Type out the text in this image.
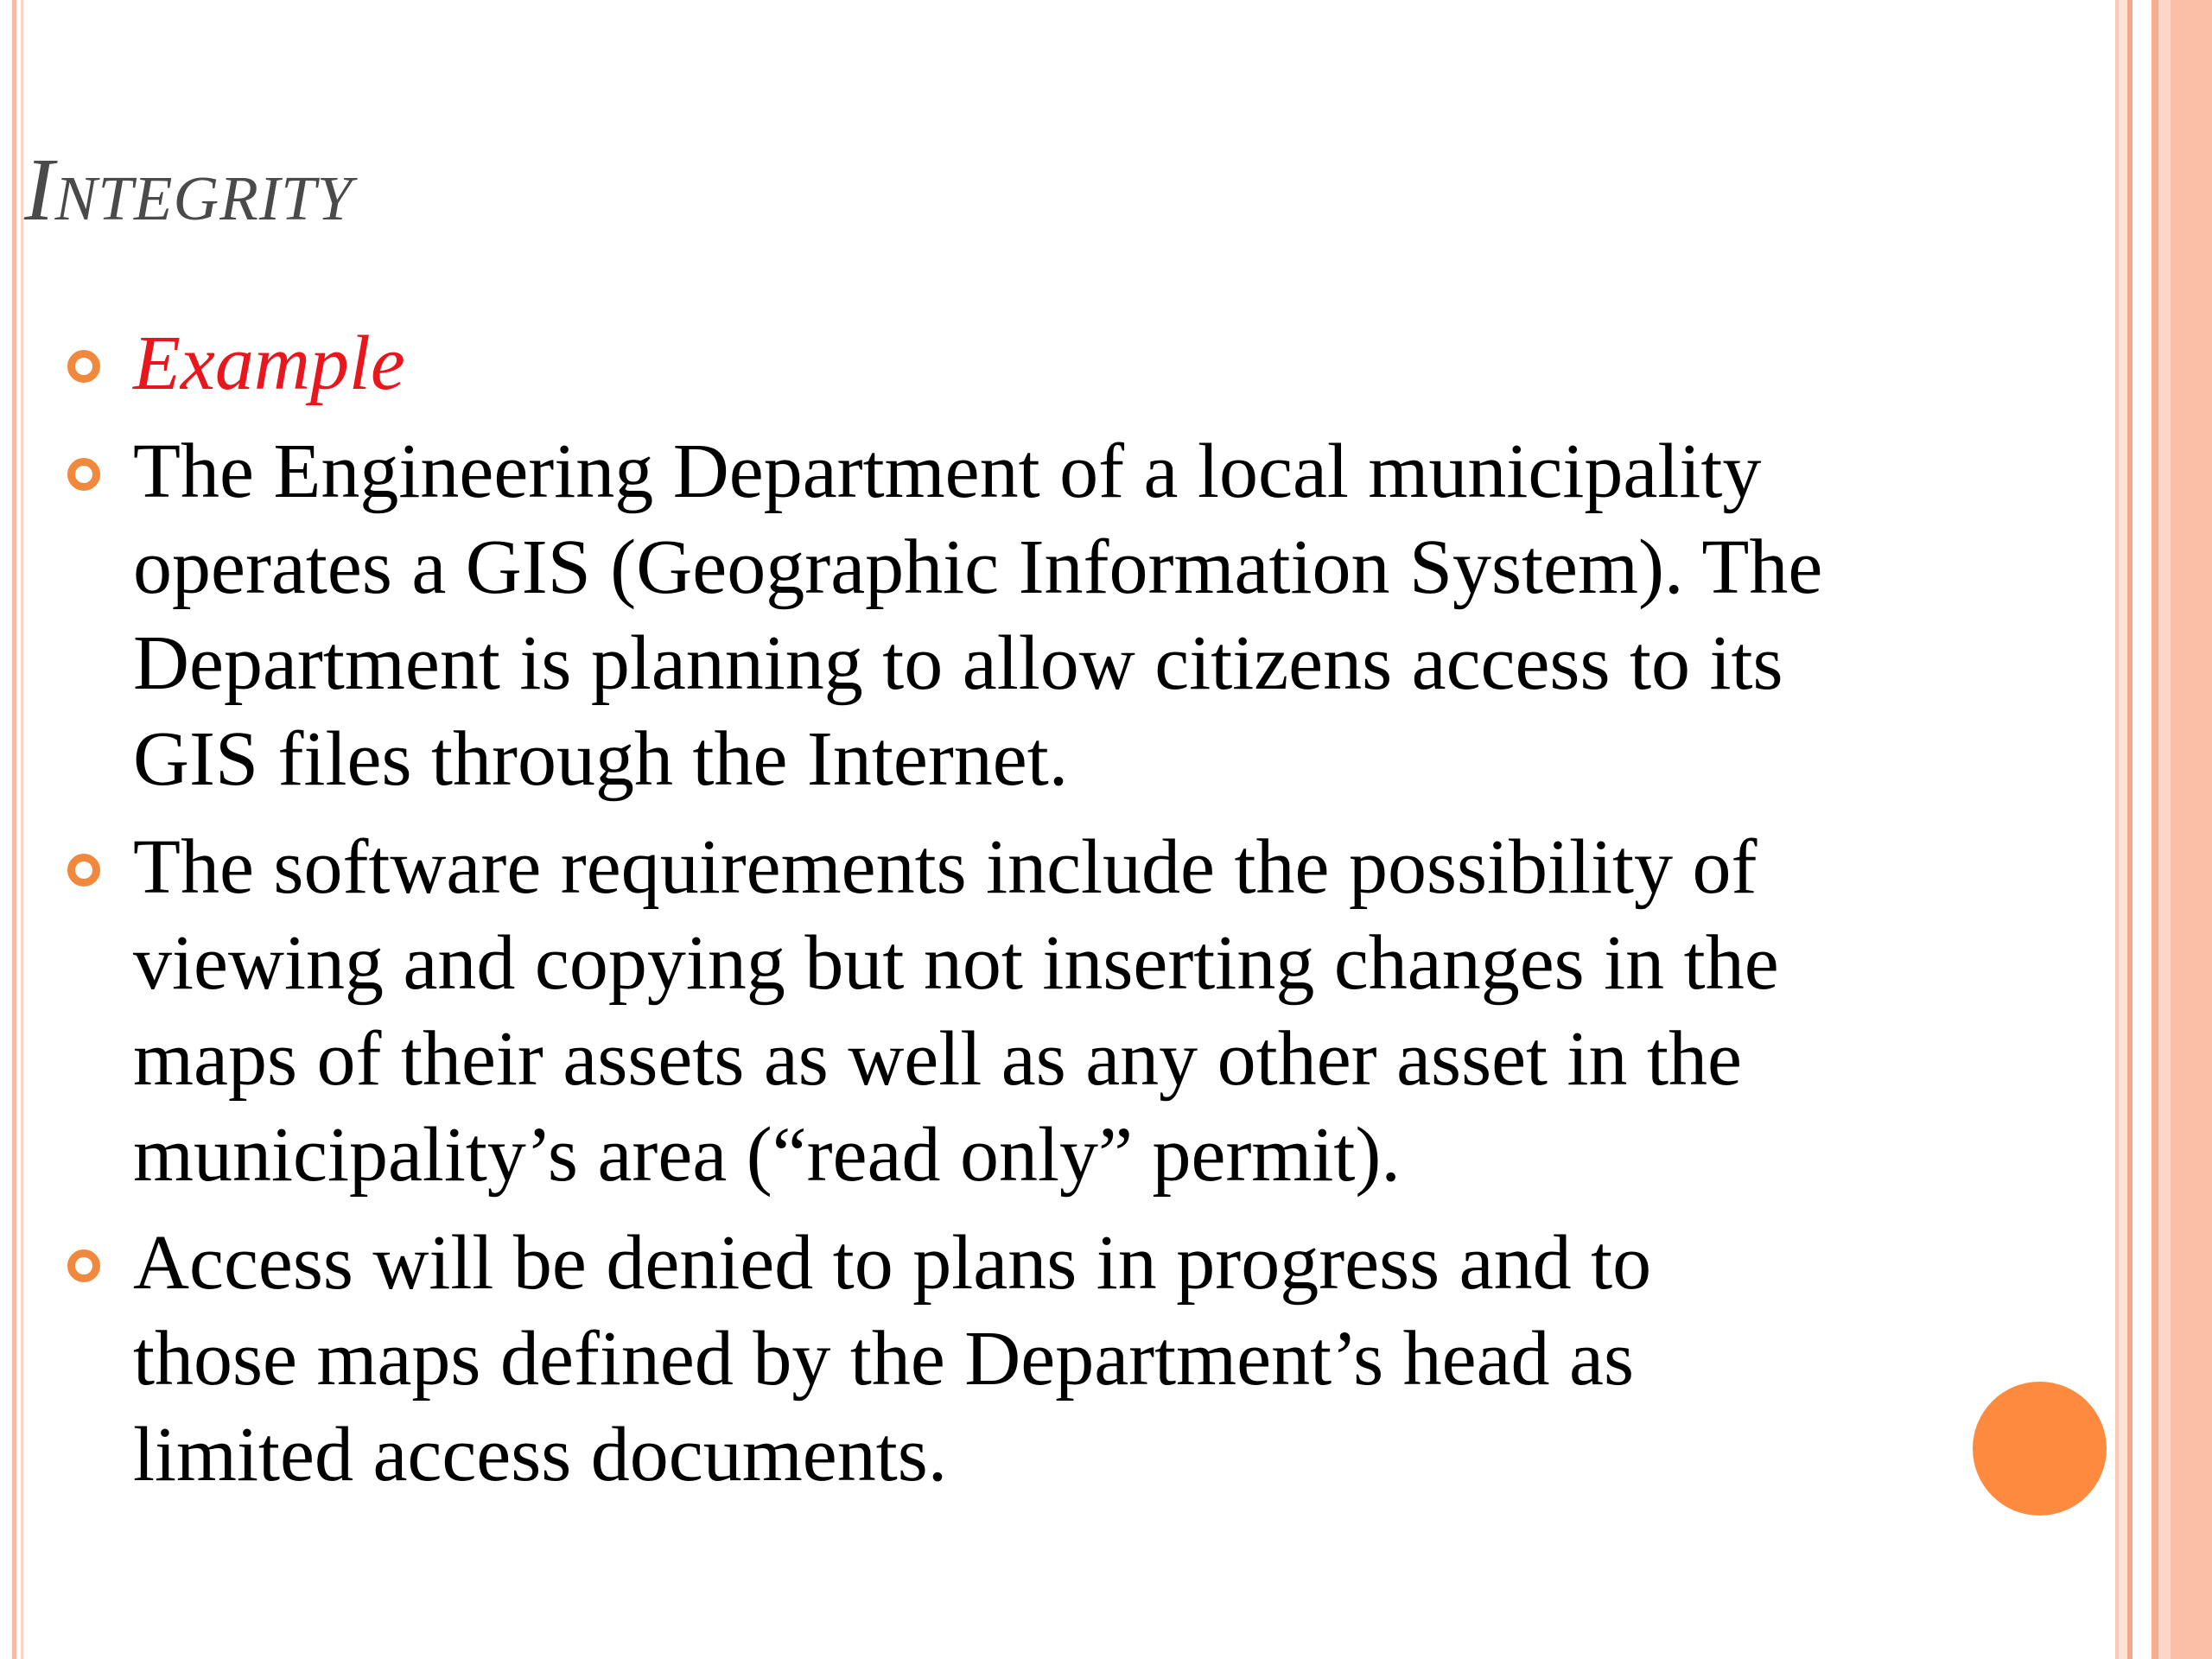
Integrity
Example
The Engineering Department of a local municipality
operates a GIS (Geographic Information System). The
Department is planning to allow citizens access to its
GIS files through the Internet.
The software requirements include the possibility of
viewing and copying but not inserting changes in the
maps of their assets as well as any other asset in the
municipality’s area (“read only” permit).
Access will be denied to plans in progress and to
those maps defined by the Department’s head as
limited access documents.
